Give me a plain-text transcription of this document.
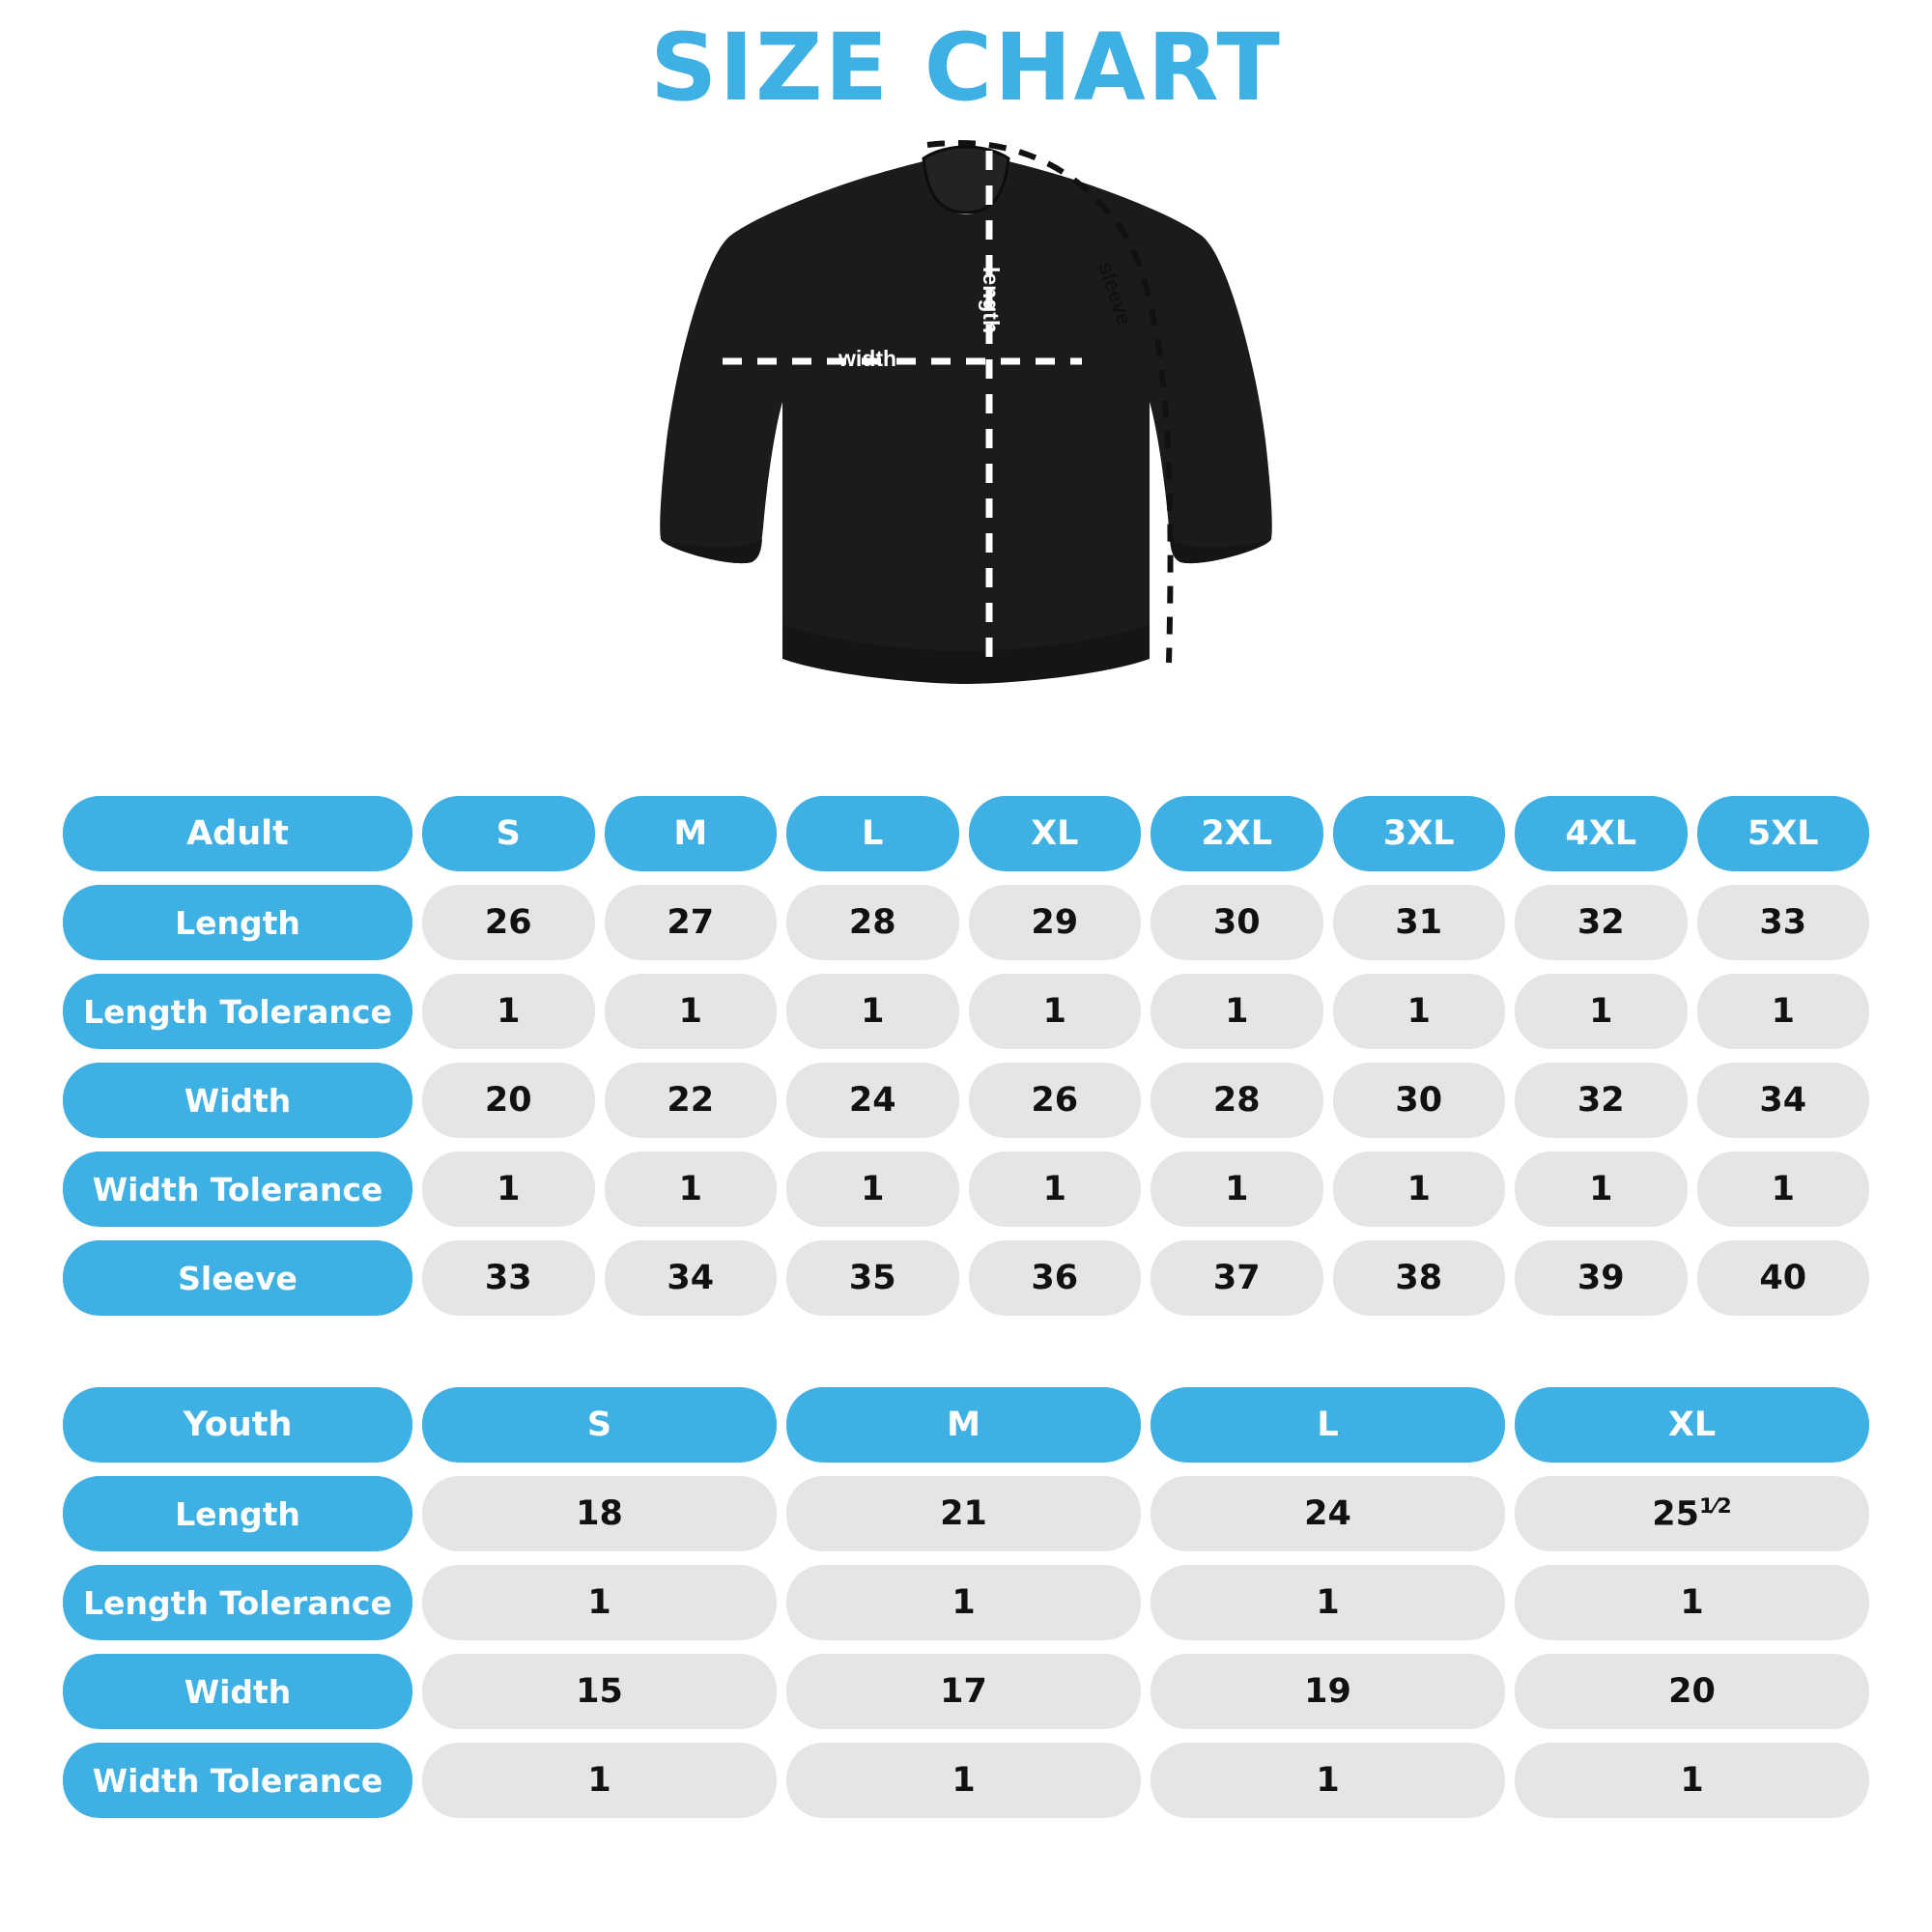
SIZE CHART
width
length	sleeve
Adult	S	M	L	XL	2XL	3XL	4XL	5XL
Length	26	27	28	29	30	31	32	33
Length Tolerance	1	1	1	1	1	1	1	1
Width	20	22	24	26	28	30	32	34
Width Tolerance	1	1	1	1	1	1	1	1
Sleeve	33	34	35	36	37	38	39	40
Youth	S	M	L	XL
Length	18	21	24	$25^{1⁄2}$
Length Tolerance	1	1	1	1
Width	15	17	19	20
Width Tolerance	1	1	1	1
